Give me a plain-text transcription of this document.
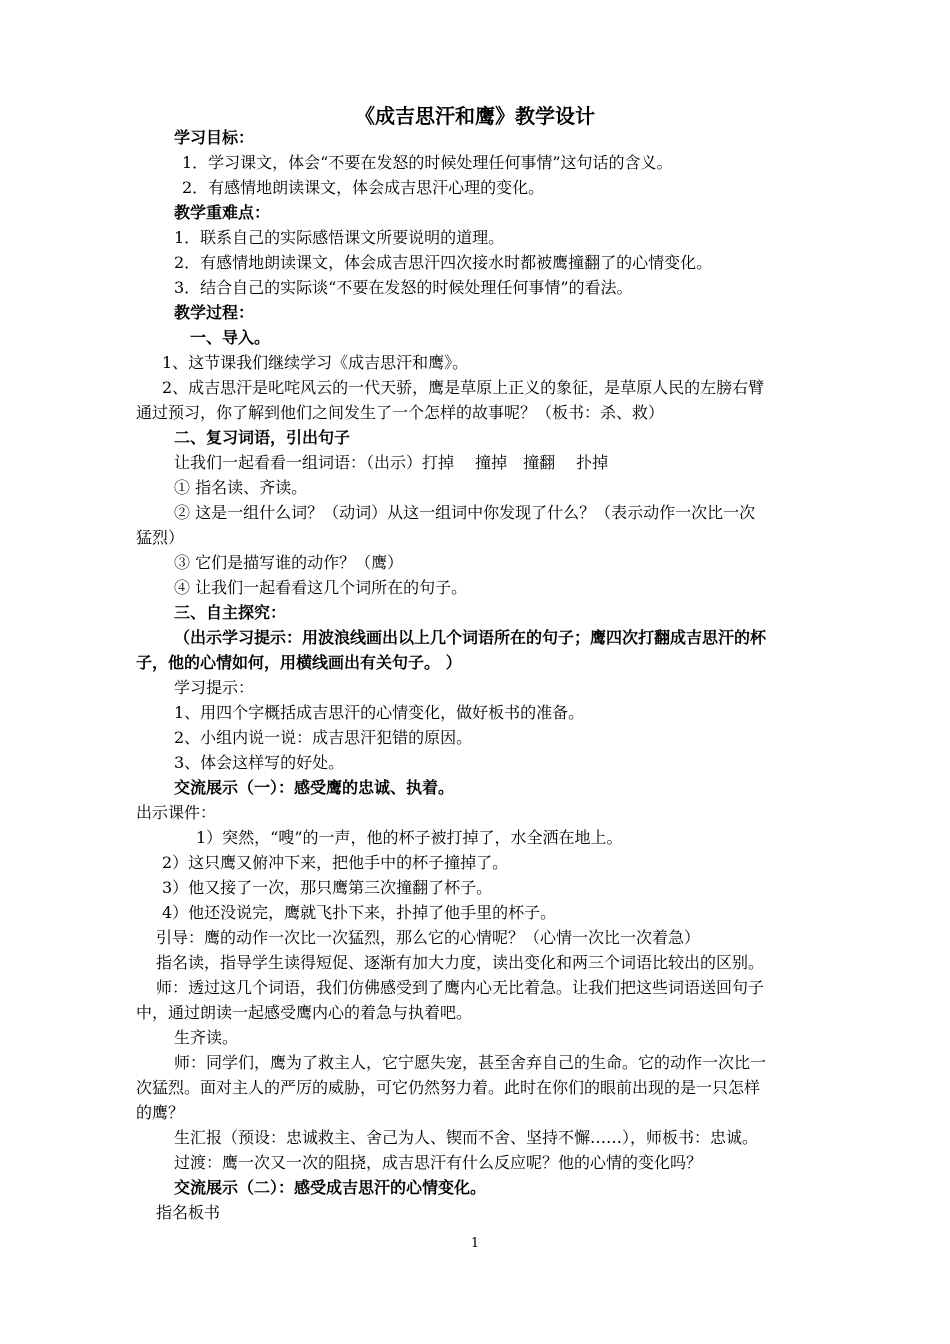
《成吉思汗和鹰》教学设计
学习目标：
1．学习课文，体会“不要在发怒的时候处理任何事情”这句话的含义。
2．有感情地朗读课文，体会成吉思汗心理的变化。
教学重难点：
1．联系自己的实际感悟课文所要说明的道理。
2．有感情地朗读课文，体会成吉思汗四次接水时都被鹰撞翻了的心情变化。
3．结合自己的实际谈“不要在发怒的时候处理任何事情”的看法。
教学过程：
一、导入。
1、这节课我们继续学习《成吉思汗和鹰》。
2、成吉思汗是叱咤风云的一代天骄，鹰是草原上正义的象征，是草原人民的左膀右臂
通过预习，你了解到他们之间发生了一个怎样的故事呢？（板书：杀、救）
二、复习词语，引出句子
让我们一起看看一组词语：（出示）打掉　 撞掉　撞翻　 扑掉
① 指名读、齐读。
② 这是一组什么词？（动词）从这一组词中你发现了什么？（表示动作一次比一次
猛烈）
③ 它们是描写谁的动作？（鹰）
④ 让我们一起看看这几个词所在的句子。
三、自主探究：
（出示学习提示：用波浪线画出以上几个词语所在的句子；鹰四次打翻成吉思汗的杯
子，他的心情如何，用横线画出有关句子。 ）
学习提示：
1、用四个字概括成吉思汗的心情变化，做好板书的准备。
2、小组内说一说：成吉思汗犯错的原因。
3、体会这样写的好处。
交流展示（一）：感受鹰的忠诚、执着。
出示课件：
1）突然，“嗖”的一声，他的杯子被打掉了，水全洒在地上。
2）这只鹰又俯冲下来，把他手中的杯子撞掉了。
3）他又接了一次，那只鹰第三次撞翻了杯子。
4）他还没说完，鹰就飞扑下来，扑掉了他手里的杯子。
引导：鹰的动作一次比一次猛烈，那么它的心情呢？（心情一次比一次着急）
指名读，指导学生读得短促、逐渐有加大力度，读出变化和两三个词语比较出的区别。
师：透过这几个词语，我们仿佛感受到了鹰内心无比着急。让我们把这些词语送回句子
中，通过朗读一起感受鹰内心的着急与执着吧。
生齐读。
师：同学们，鹰为了救主人，它宁愿失宠，甚至舍弃自己的生命。它的动作一次比一
次猛烈。面对主人的严厉的威胁，可它仍然努力着。此时在你们的眼前出现的是一只怎样
的鹰？
生汇报（预设：忠诚救主、舍己为人、锲而不舍、坚持不懈……），师板书：忠诚。
过渡：鹰一次又一次的阻挠，成吉思汗有什么反应呢？他的心情的变化吗？
交流展示（二）：感受成吉思汗的心情变化。
指名板书
1
